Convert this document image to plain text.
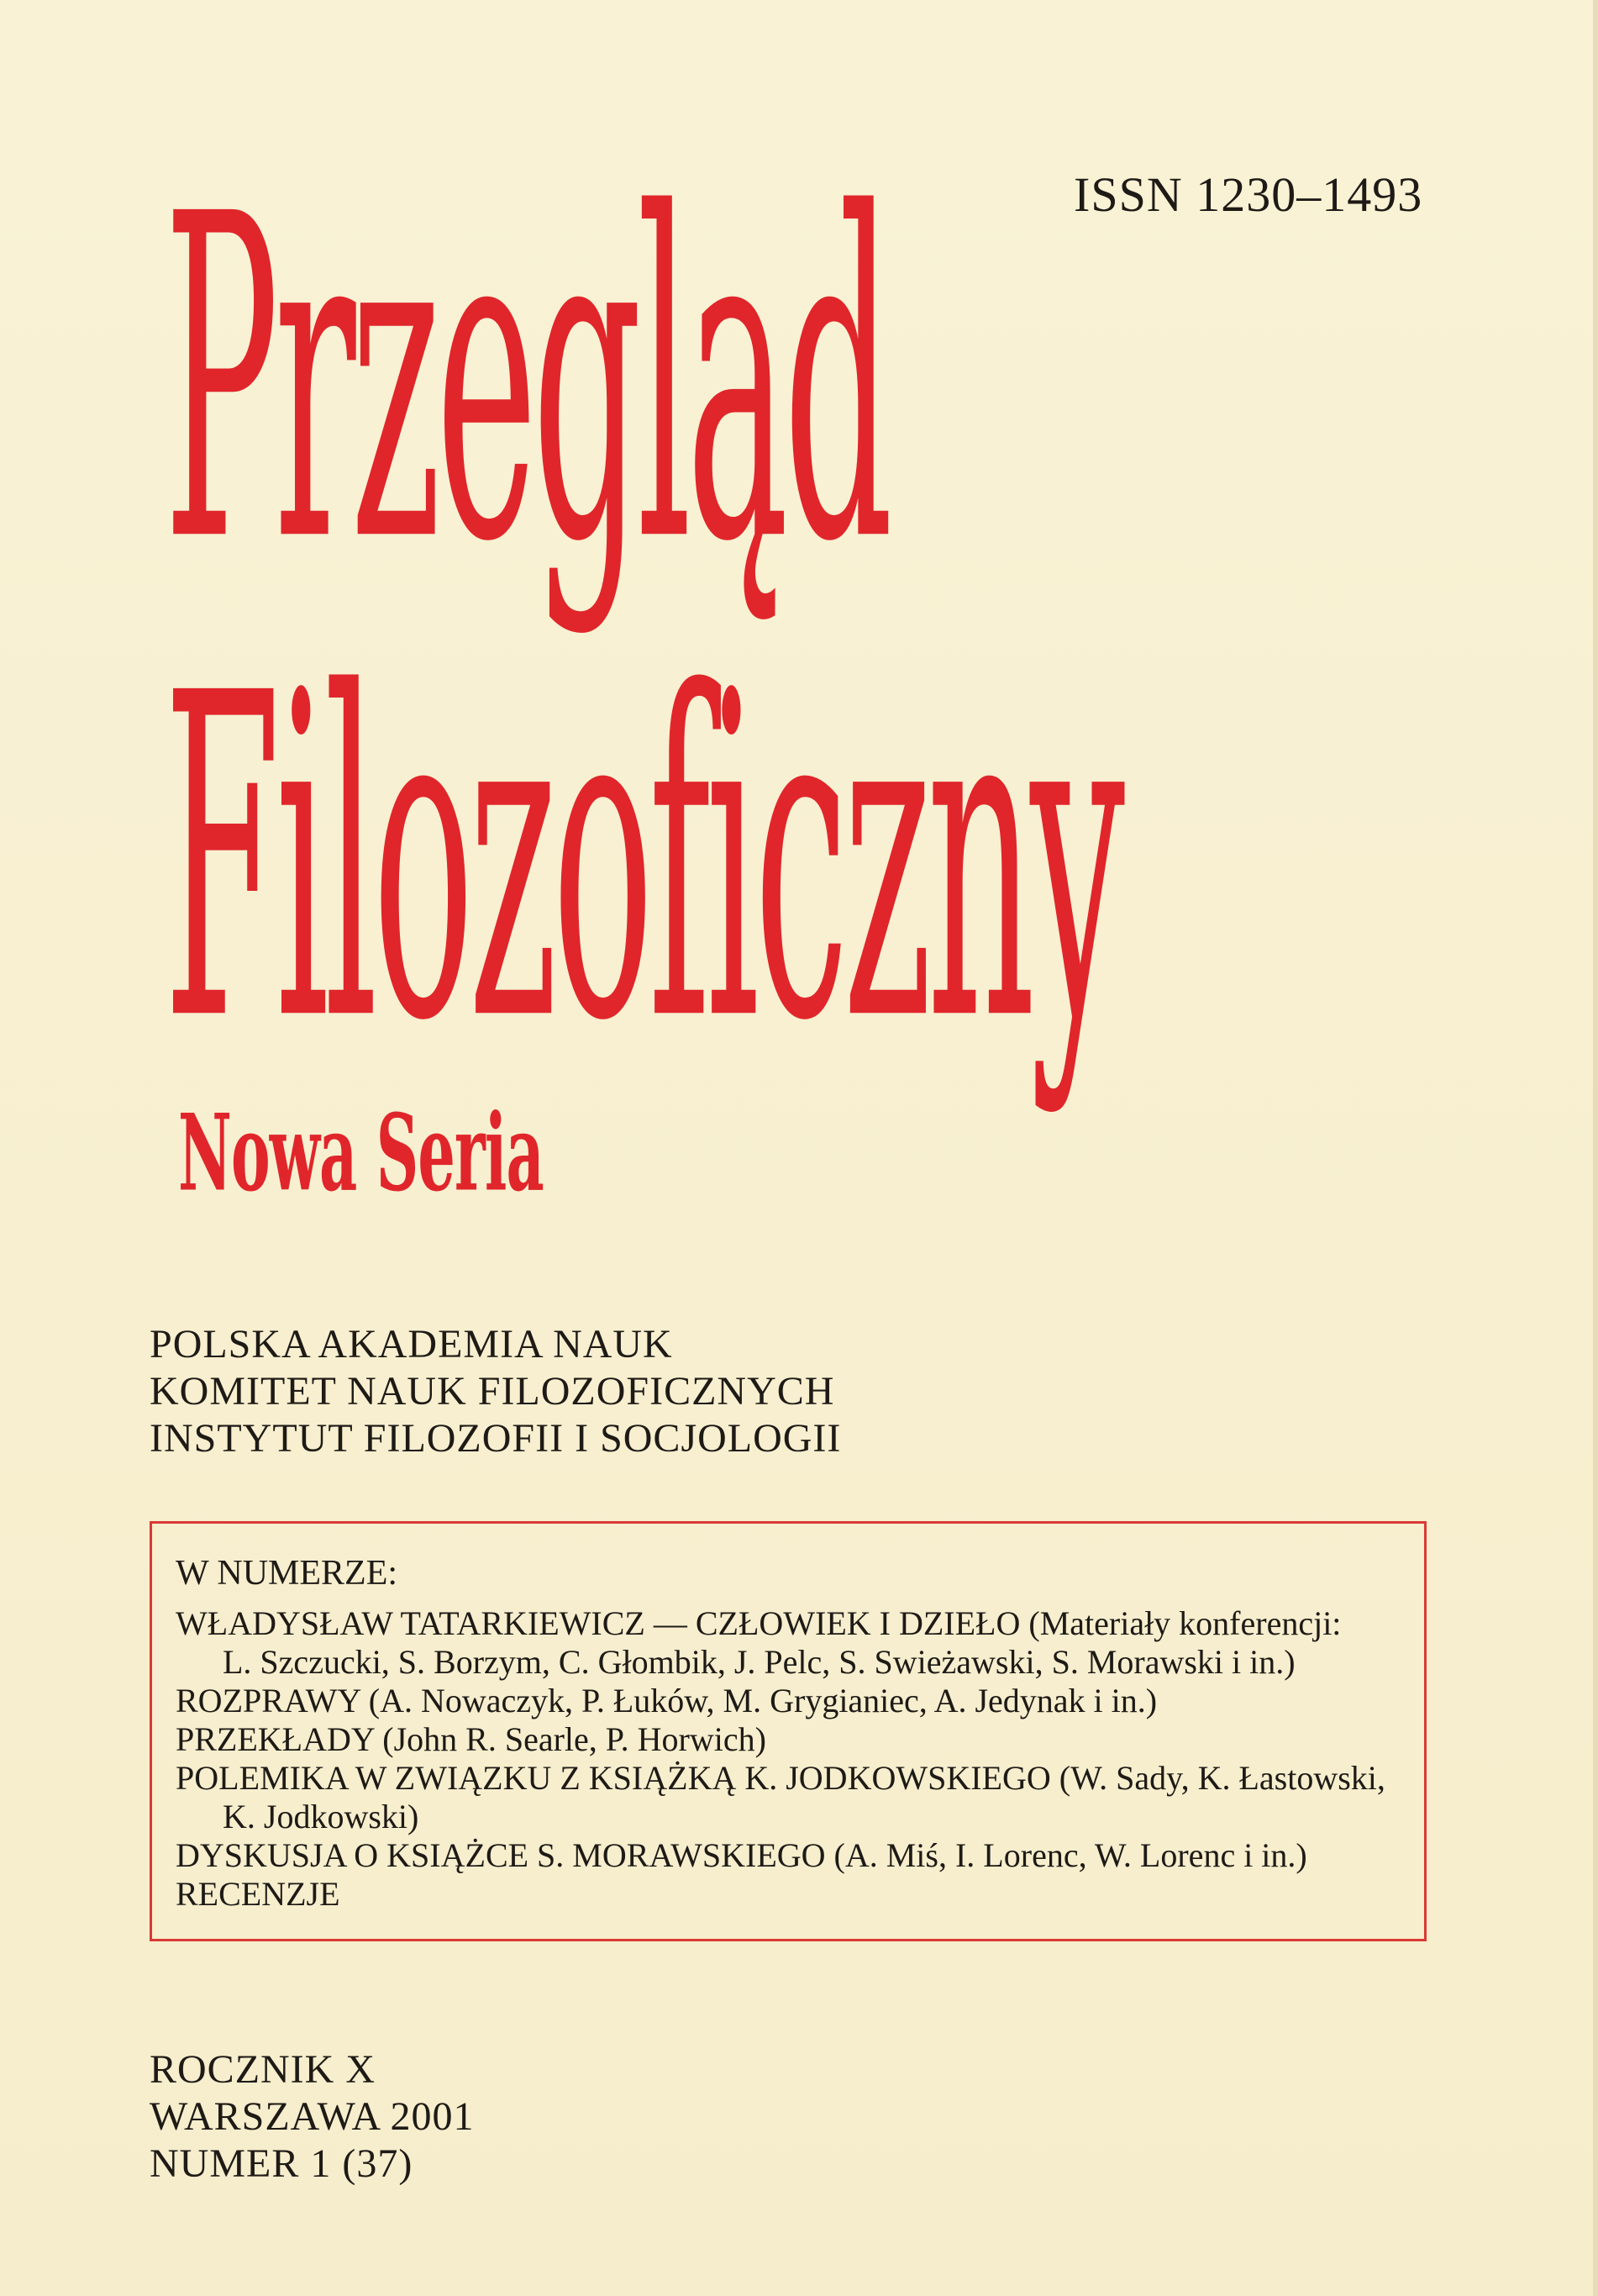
ISSN 1230–1493
Przegląd
Filozoficzny
Nowa Seria
POLSKA AKADEMIA NAUK
KOMITET NAUK FILOZOFICZNYCH
INSTYTUT FILOZOFII I SOCJOLOGII
W NUMERZE:
WŁADYSŁAW TATARKIEWICZ — CZŁOWIEK I DZIEŁO (Materiały konferencji:
L. Szczucki, S. Borzym, C. Głombik, J. Pelc, S. Swieżawski, S. Morawski i in.)
ROZPRAWY (A. Nowaczyk, P. Łuków, M. Grygianiec, A. Jedynak i in.)
PRZEKŁADY (John R. Searle, P. Horwich)
POLEMIKA W ZWIĄZKU Z KSIĄŻKĄ K. JODKOWSKIEGO (W. Sady, K. Łastowski,
K. Jodkowski)
DYSKUSJA O KSIĄŻCE S. MORAWSKIEGO (A. Miś, I. Lorenc, W. Lorenc i in.)
RECENZJE
ROCZNIK X
WARSZAWA 2001
NUMER 1 (37)
